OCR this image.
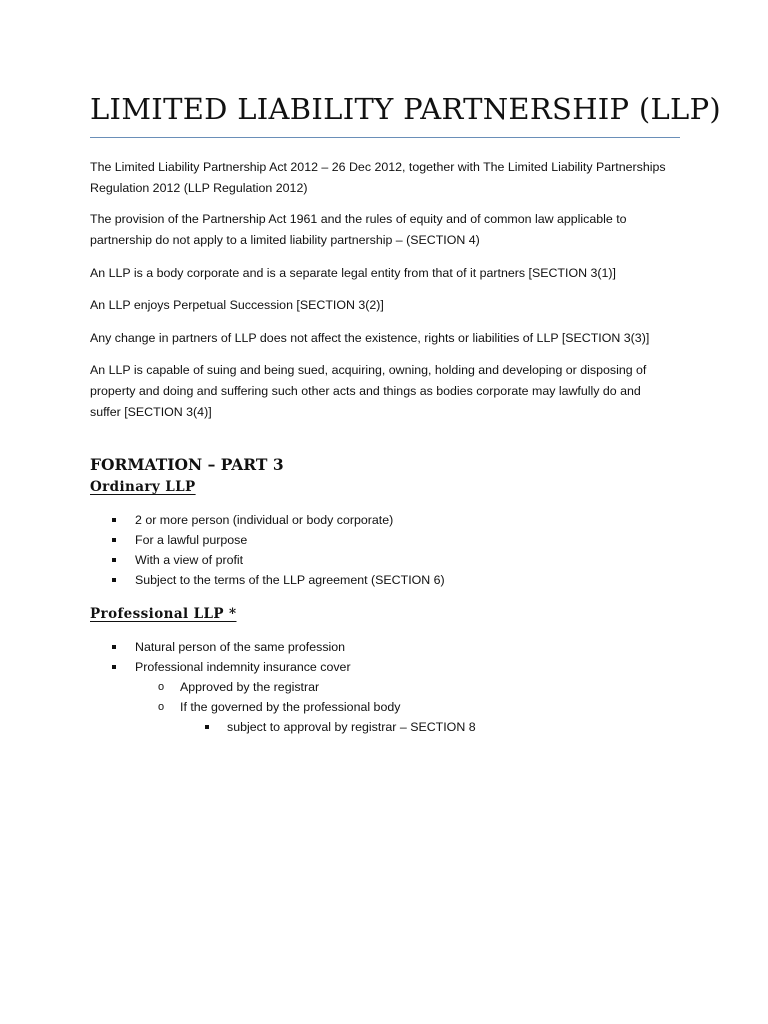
LIMITED LIABILITY PARTNERSHIP (LLP)

The Limited Liability Partnership Act 2012 – 26 Dec 2012, together with The Limited Liability Partnerships Regulation 2012 (LLP Regulation 2012)

The provision of the Partnership Act 1961 and the rules of equity and of common law applicable to partnership do not apply to a limited liability partnership – (SECTION 4)

An LLP is a body corporate and is a separate legal entity from that of it partners [SECTION 3(1)]

An LLP enjoys Perpetual Succession [SECTION 3(2)]

Any change in partners of LLP does not affect the existence, rights or liabilities of LLP [SECTION 3(3)]

An LLP is capable of suing and being sued, acquiring, owning, holding and developing or disposing of property and doing and suffering such other acts and things as bodies corporate may lawfully do and suffer [SECTION 3(4)]

FORMATION – PART 3
Ordinary LLP
2 or more person (individual or body corporate)
For a lawful purpose
With a view of profit
Subject to the terms of the LLP agreement (SECTION 6)
Professional LLP *
Natural person of the same profession
Professional indemnity insurance cover
o Approved by the registrar
o If the governed by the professional body
subject to approval by registrar – SECTION 8
